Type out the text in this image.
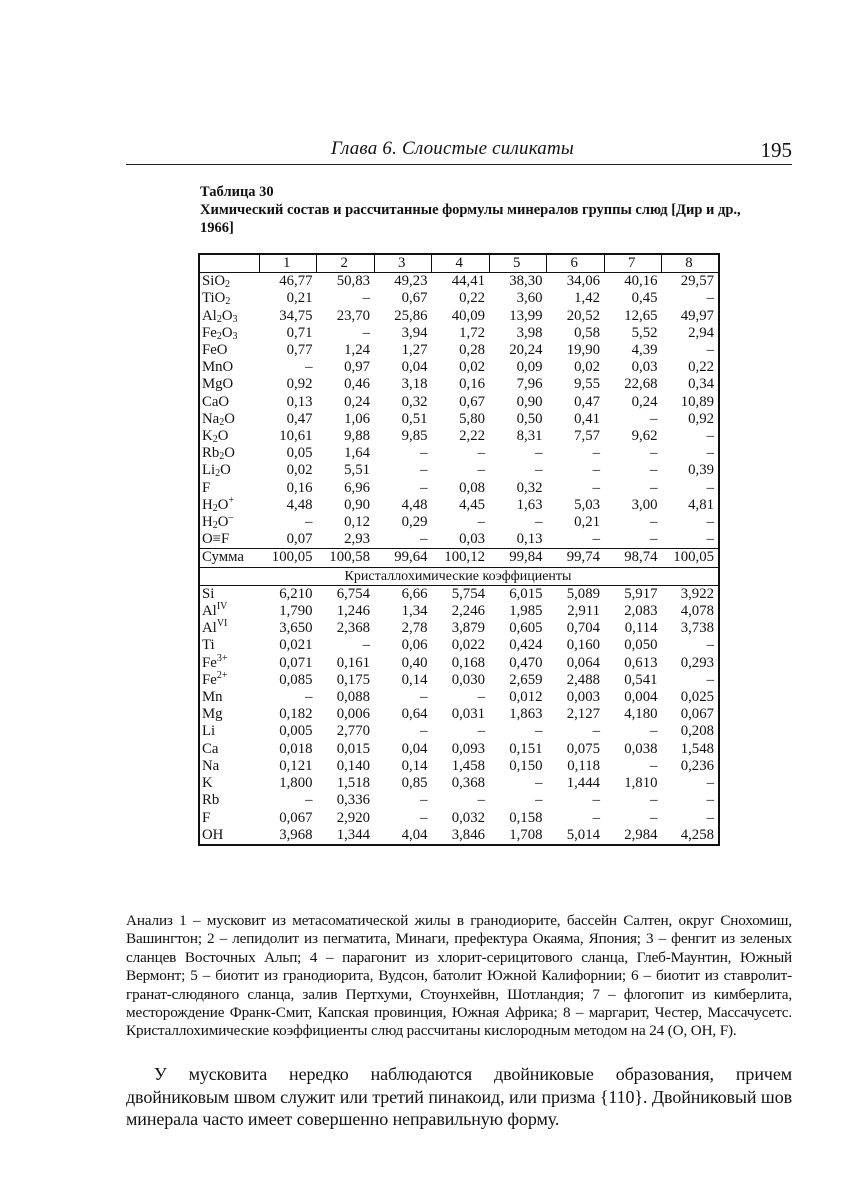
Глава 6. Слоистые силикаты	195
Таблица 30
Химический состав и рассчитанные формулы минералов группы слюд [Дир и др., 1966]
	1	2	3	4	5	6	7	8
SiO$_2$	46,77	50,83	49,23	44,41	38,30	34,06	40,16	29,57
TiO$_2$	0,21	–	0,67	0,22	3,60	1,42	0,45	–
$Al_2O_3$	34,75	23,70	25,86	40,09	13,99	20,52	12,65	49,97
$Fe_2O_3$	0,71	–	3,94	1,72	3,98	0,58	5,52	2,94
FeO	0,77	1,24	1,27	0,28	20,24	19,90	4,39	–
MnO	–	0,97	0,04	0,02	0,09	0,02	0,03	0,22
MgO	0,92	0,46	3,18	0,16	7,96	9,55	22,68	0,34
CaO	0,13	0,24	0,32	0,67	0,90	0,47	0,24	10,89
$Na_2O$	0,47	1,06	0,51	5,80	0,50	0,41	–	0,92
$K_2O$	10,61	9,88	9,85	2,22	8,31	7,57	9,62	–
$Rb_2O$	0,05	1,64	–	–	–	–	–	–
$Li_2O$	0,02	5,51	–	–	–	–	–	0,39
F	0,16	6,96	–	0,08	0,32	–	–	–
$H_2O^+$	4,48	0,90	4,48	4,45	1,63	5,03	3,00	4,81
$H_2O^-$	–	0,12	0,29	–	–	0,21	–	–
O≡F	0,07	2,93	–	0,03	0,13	–	–	–
Сумма	100,05	100,58	99,64	100,12	99,84	99,74	98,74	100,05
Кристаллохимические коэффициенты								
Si	6,210	6,754	6,66	5,754	6,015	5,089	5,917	3,922
$Al^{IV}$	1,790	1,246	1,34	2,246	1,985	2,911	2,083	4,078
$Al^{VI}$	3,650	2,368	2,78	3,879	0,605	0,704	0,114	3,738
Ti	0,021	–	0,06	0,022	0,424	0,160	0,050	–
$Fe^{3+}$	0,071	0,161	0,40	0,168	0,470	0,064	0,613	0,293
$Fe^{2+}$	0,085	0,175	0,14	0,030	2,659	2,488	0,541	–
Mn	–	0,088	–	–	0,012	0,003	0,004	0,025
Mg	0,182	0,006	0,64	0,031	1,863	2,127	4,180	0,067
Li	0,005	2,770	–	–	–	–	–	0,208
Ca	0,018	0,015	0,04	0,093	0,151	0,075	0,038	1,548
Na	0,121	0,140	0,14	1,458	0,150	0,118	–	0,236
K	1,800	1,518	0,85	0,368	–	1,444	1,810	–
Rb	–	0,336	–	–	–	–	–	–
F	0,067	2,920	–	0,032	0,158	–	–	–
OH	3,968	1,344	4,04	3,846	1,708	5,014	2,984	4,258
Анализ 1 – мусковит из метасоматической жилы в гранодиорите, бассейн Салтен, округ Снохомиш, Вашингтон; 2 – лепидолит из пегматита, Минаги, префектура Окаяма, Япония; 3 – фенгит из зеленых сланцев Восточных Альп; 4 – парагонит из хлорит-серицитового сланца, Глеб-Маунтин, Южный Вермонт; 5 – биотит из гранодиорита, Вудсон, батолит Южной Калифорнии; 6 – биотит из ставролит-гранат-слюдяного сланца, залив Пертхуми, Стоунхейвн, Шотландия; 7 – флогопит из кимберлита, месторождение Франк-Смит, Капская провинция, Южная Африка; 8 – маргарит, Честер, Массачусетс. Кристаллохимические коэффициенты слюд рассчитаны кислородным методом на 24 (O, OH, F).
У мусковита нередко наблюдаются двойниковые образования, причем двойниковым швом служит или третий пинакоид, или призма {110}. Двойниковый шов минерала часто имеет совершенно неправильную форму.
